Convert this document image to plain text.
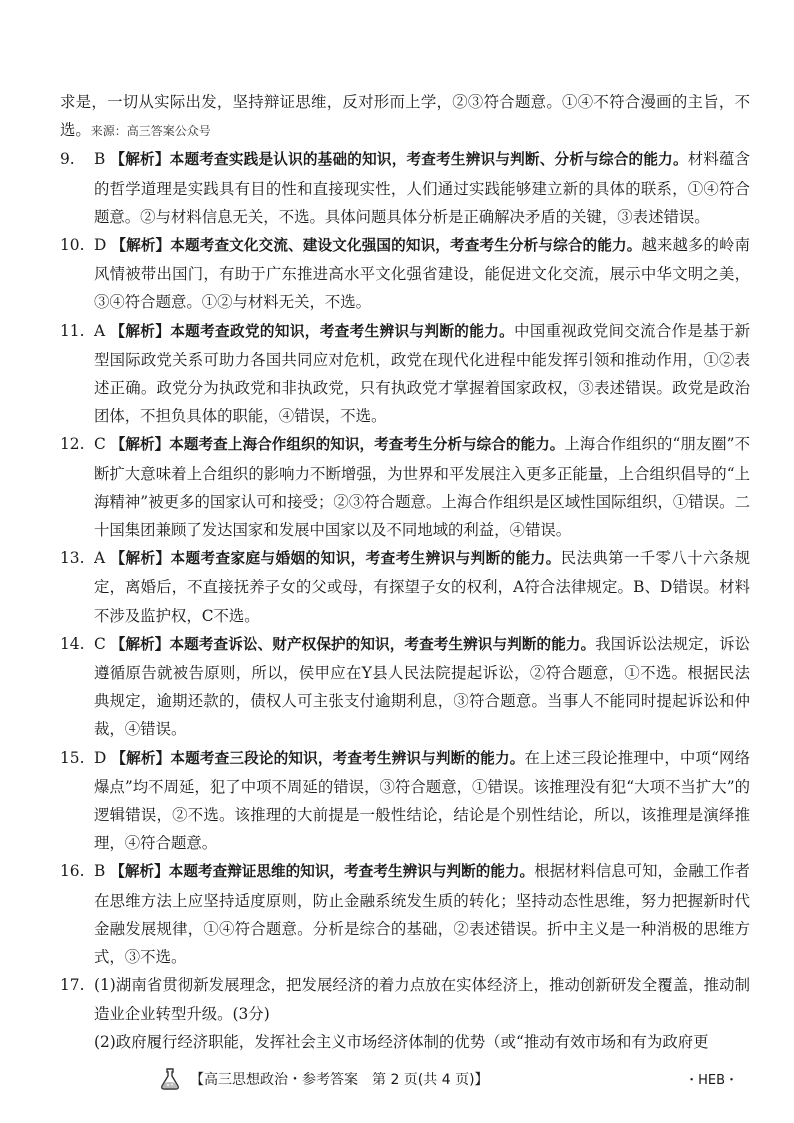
求是，一切从实际出发，坚持辩证思维，反对形而上学，②③符合题意。①④不符合漫画的主旨，不选。来源：高三答案公众号

9.	B 【解析】本题考查实践是认识的基础的知识，考查考生辨识与判断、分析与综合的能力。材料蕴含的哲学道理是实践具有目的性和直接现实性，人们通过实践能够建立新的具体的联系，①④符合题意。②与材料信息无关，不选。具体问题具体分析是正确解决矛盾的关键，③表述错误。

10. D 【解析】本题考查文化交流、建设文化强国的知识，考查考生分析与综合的能力。越来越多的岭南风情被带出国门，有助于广东推进高水平文化强省建设，能促进文化交流，展示中华文明之美，③④符合题意。①②与材料无关，不选。

11. A 【解析】本题考查政党的知识，考查考生辨识与判断的能力。中国重视政党间交流合作是基于新型国际政党关系可助力各国共同应对危机，政党在现代化进程中能发挥引领和推动作用，①②表述正确。政党分为执政党和非执政党，只有执政党才掌握着国家政权，③表述错误。政党是政治团体，不担负具体的职能，④错误，不选。

12. C 【解析】本题考查上海合作组织的知识，考查考生分析与综合的能力。上海合作组织的“朋友圈”不断扩大意味着上合组织的影响力不断增强，为世界和平发展注入更多正能量，上合组织倡导的“上海精神”被更多的国家认可和接受；②③符合题意。上海合作组织是区域性国际组织，①错误。二十国集团兼顾了发达国家和发展中国家以及不同地域的利益，④错误。

13. A 【解析】本题考查家庭与婚姻的知识，考查考生辨识与判断的能力。民法典第一千零八十六条规定，离婚后，不直接抚养子女的父或母，有探望子女的权利，A符合法律规定。B、D错误。材料不涉及监护权，C不选。

14. C 【解析】本题考查诉讼、财产权保护的知识，考查考生辨识与判断的能力。我国诉讼法规定，诉讼遵循原告就被告原则，所以，侯甲应在Y县人民法院提起诉讼，②符合题意，①不选。根据民法典规定，逾期还款的，债权人可主张支付逾期利息，③符合题意。当事人不能同时提起诉讼和仲裁，④错误。

15. D 【解析】本题考查三段论的知识，考查考生辨识与判断的能力。在上述三段论推理中，中项“网络爆点”均不周延，犯了中项不周延的错误，③符合题意，①错误。该推理没有犯“大项不当扩大”的逻辑错误，②不选。该推理的大前提是一般性结论，结论是个别性结论，所以，该推理是演绎推理，④符合题意。

16. B 【解析】本题考查辩证思维的知识，考查考生辨识与判断的能力。根据材料信息可知，金融工作者在思维方法上应坚持适度原则，防止金融系统发生质的转化；坚持动态性思维，努力把握新时代金融发展规律，①④符合题意。分析是综合的基础，②表述错误。折中主义是一种消极的思维方式，③不选。

17. (1)湖南省贯彻新发展理念，把发展经济的着力点放在实体经济上，推动创新研发全覆盖，推动制造业企业转型升级。(3分)

(2)政府履行经济职能，发挥社会主义市场经济体制的优势（或“推动有效市场和有为政府更

【高三思想政治・参考答案　第 2 页(共 4 页)】	・HEB・
